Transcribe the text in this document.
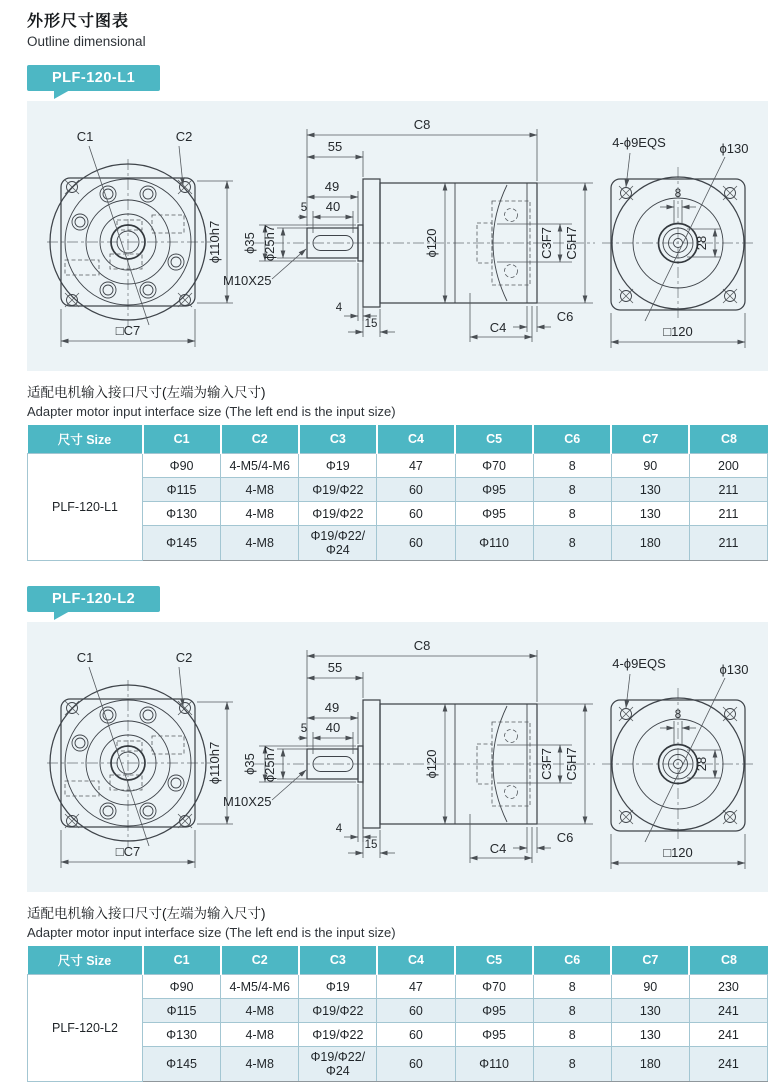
外形尺寸图表
Outline dimensional
PLF-120-L1
C1	C2
ϕ110h7
□C7
C8
55
49
5 40
ϕ35 ϕ25h7
M10X25
ϕ120	C3F7 C5H7
4
15	C4
C6
8
28
ϕ130
4-ϕ9EQS
□120
适配电机输入接口尺寸(左端为输入尺寸)
Adapter motor input interface size (The left end is the input size)
尺寸 Size	C1	C2	C3	C4	C5	C6	C7	C8
PLF-120-L1	Φ90	4-M5/4-M6	Φ19	47	Φ70	8	90	200
	Φ115	4-M8	Φ19/Φ22	60	Φ95	8	130	211
	Φ130	4-M8	Φ19/Φ22	60	Φ95	8	130	211
	Φ145	4-M8	Φ19/Φ22/Φ24	60	Φ110	8	180	211
PLF-120-L2
C1	C2
ϕ110h7
□C7
C8
55
49
5 40
ϕ35 ϕ25h7
M10X25
ϕ120	C3F7 C5H7
4
15	C4
C6
8
28
ϕ130
4-ϕ9EQS
□120
适配电机输入接口尺寸(左端为输入尺寸)
Adapter motor input interface size (The left end is the input size)
尺寸 Size	C1	C2	C3	C4	C5	C6	C7	C8
PLF-120-L2	Φ90	4-M5/4-M6	Φ19	47	Φ70	8	90	230
	Φ115	4-M8	Φ19/Φ22	60	Φ95	8	130	241
	Φ130	4-M8	Φ19/Φ22	60	Φ95	8	130	241
	Φ145	4-M8	Φ19/Φ22/Φ24	60	Φ110	8	180	241
